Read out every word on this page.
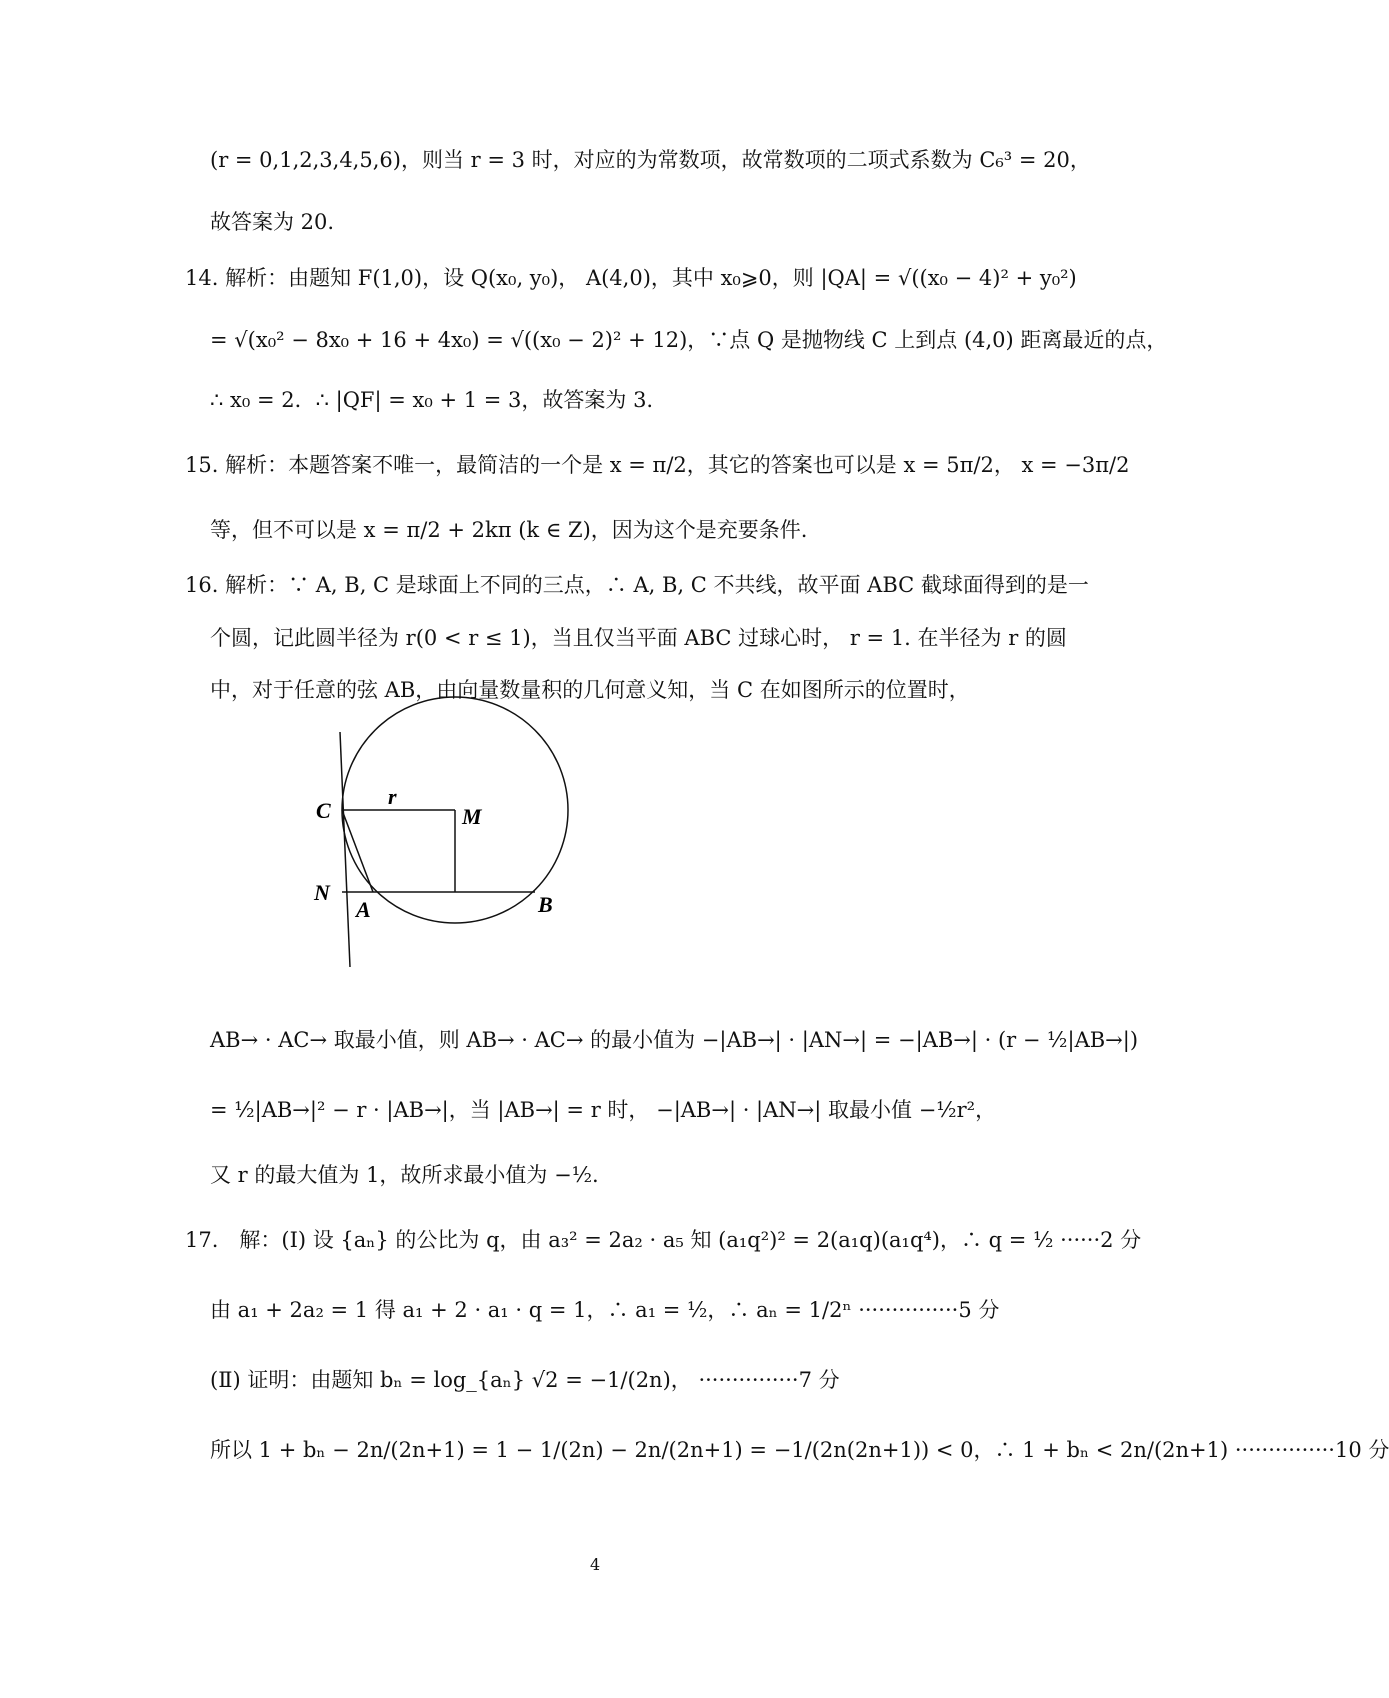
(r = 0,1,2,3,4,5,6)，则当 r = 3 时，对应的为常数项，故常数项的二项式系数为 C₆³ = 20，
故答案为 20.
14. 解析：由题知 F(1,0)，设 Q(x₀, y₀)， A(4,0)，其中 x₀⩾0，则 |QA| = √((x₀ − 4)² + y₀²)
= √(x₀² − 8x₀ + 16 + 4x₀) = √((x₀ − 2)² + 12)，∵点 Q 是抛物线 C 上到点 (4,0) 距离最近的点，
∴ x₀ = 2．∴ |QF| = x₀ + 1 = 3，故答案为 3.
15. 解析：本题答案不唯一，最简洁的一个是 x = π/2，其它的答案也可以是 x = 5π/2， x = −3π/2
等，但不可以是 x = π/2 + 2kπ (k ∈ Z)，因为这个是充要条件.
16. 解析：∵ A, B, C 是球面上不同的三点，∴ A, B, C 不共线，故平面 ABC 截球面得到的是一
个圆，记此圆半径为 r(0 < r ≤ 1)，当且仅当平面 ABC 过球心时， r = 1. 在半径为 r 的圆
中，对于任意的弦 AB，由向量数量积的几何意义知，当 C 在如图所示的位置时，
AB→ · AC→ 取最小值，则 AB→ · AC→ 的最小值为 −|AB→| · |AN→| = −|AB→| · (r − ½|AB→|)
= ½|AB→|² − r · |AB→|，当 |AB→| = r 时， −|AB→| · |AN→| 取最小值 −½r²，
又 r 的最大值为 1，故所求最小值为 −½.
17.　解：(Ⅰ) 设 {aₙ} 的公比为 q，由 a₃² = 2a₂ · a₅ 知 (a₁q²)² = 2(a₁q)(a₁q⁴)，∴ q = ½ ······2 分
由 a₁ + 2a₂ = 1 得 a₁ + 2 · a₁ · q = 1，∴ a₁ = ½，∴ aₙ = 1/2ⁿ ···············5 分
(Ⅱ) 证明：由题知 bₙ = log_{aₙ} √2 = −1/(2n)， ···············7 分
所以 1 + bₙ − 2n/(2n+1) = 1 − 1/(2n) − 2n/(2n+1) = −1/(2n(2n+1)) < 0，∴ 1 + bₙ < 2n/(2n+1) ···············10 分
C
r
M
N
A	B
4
